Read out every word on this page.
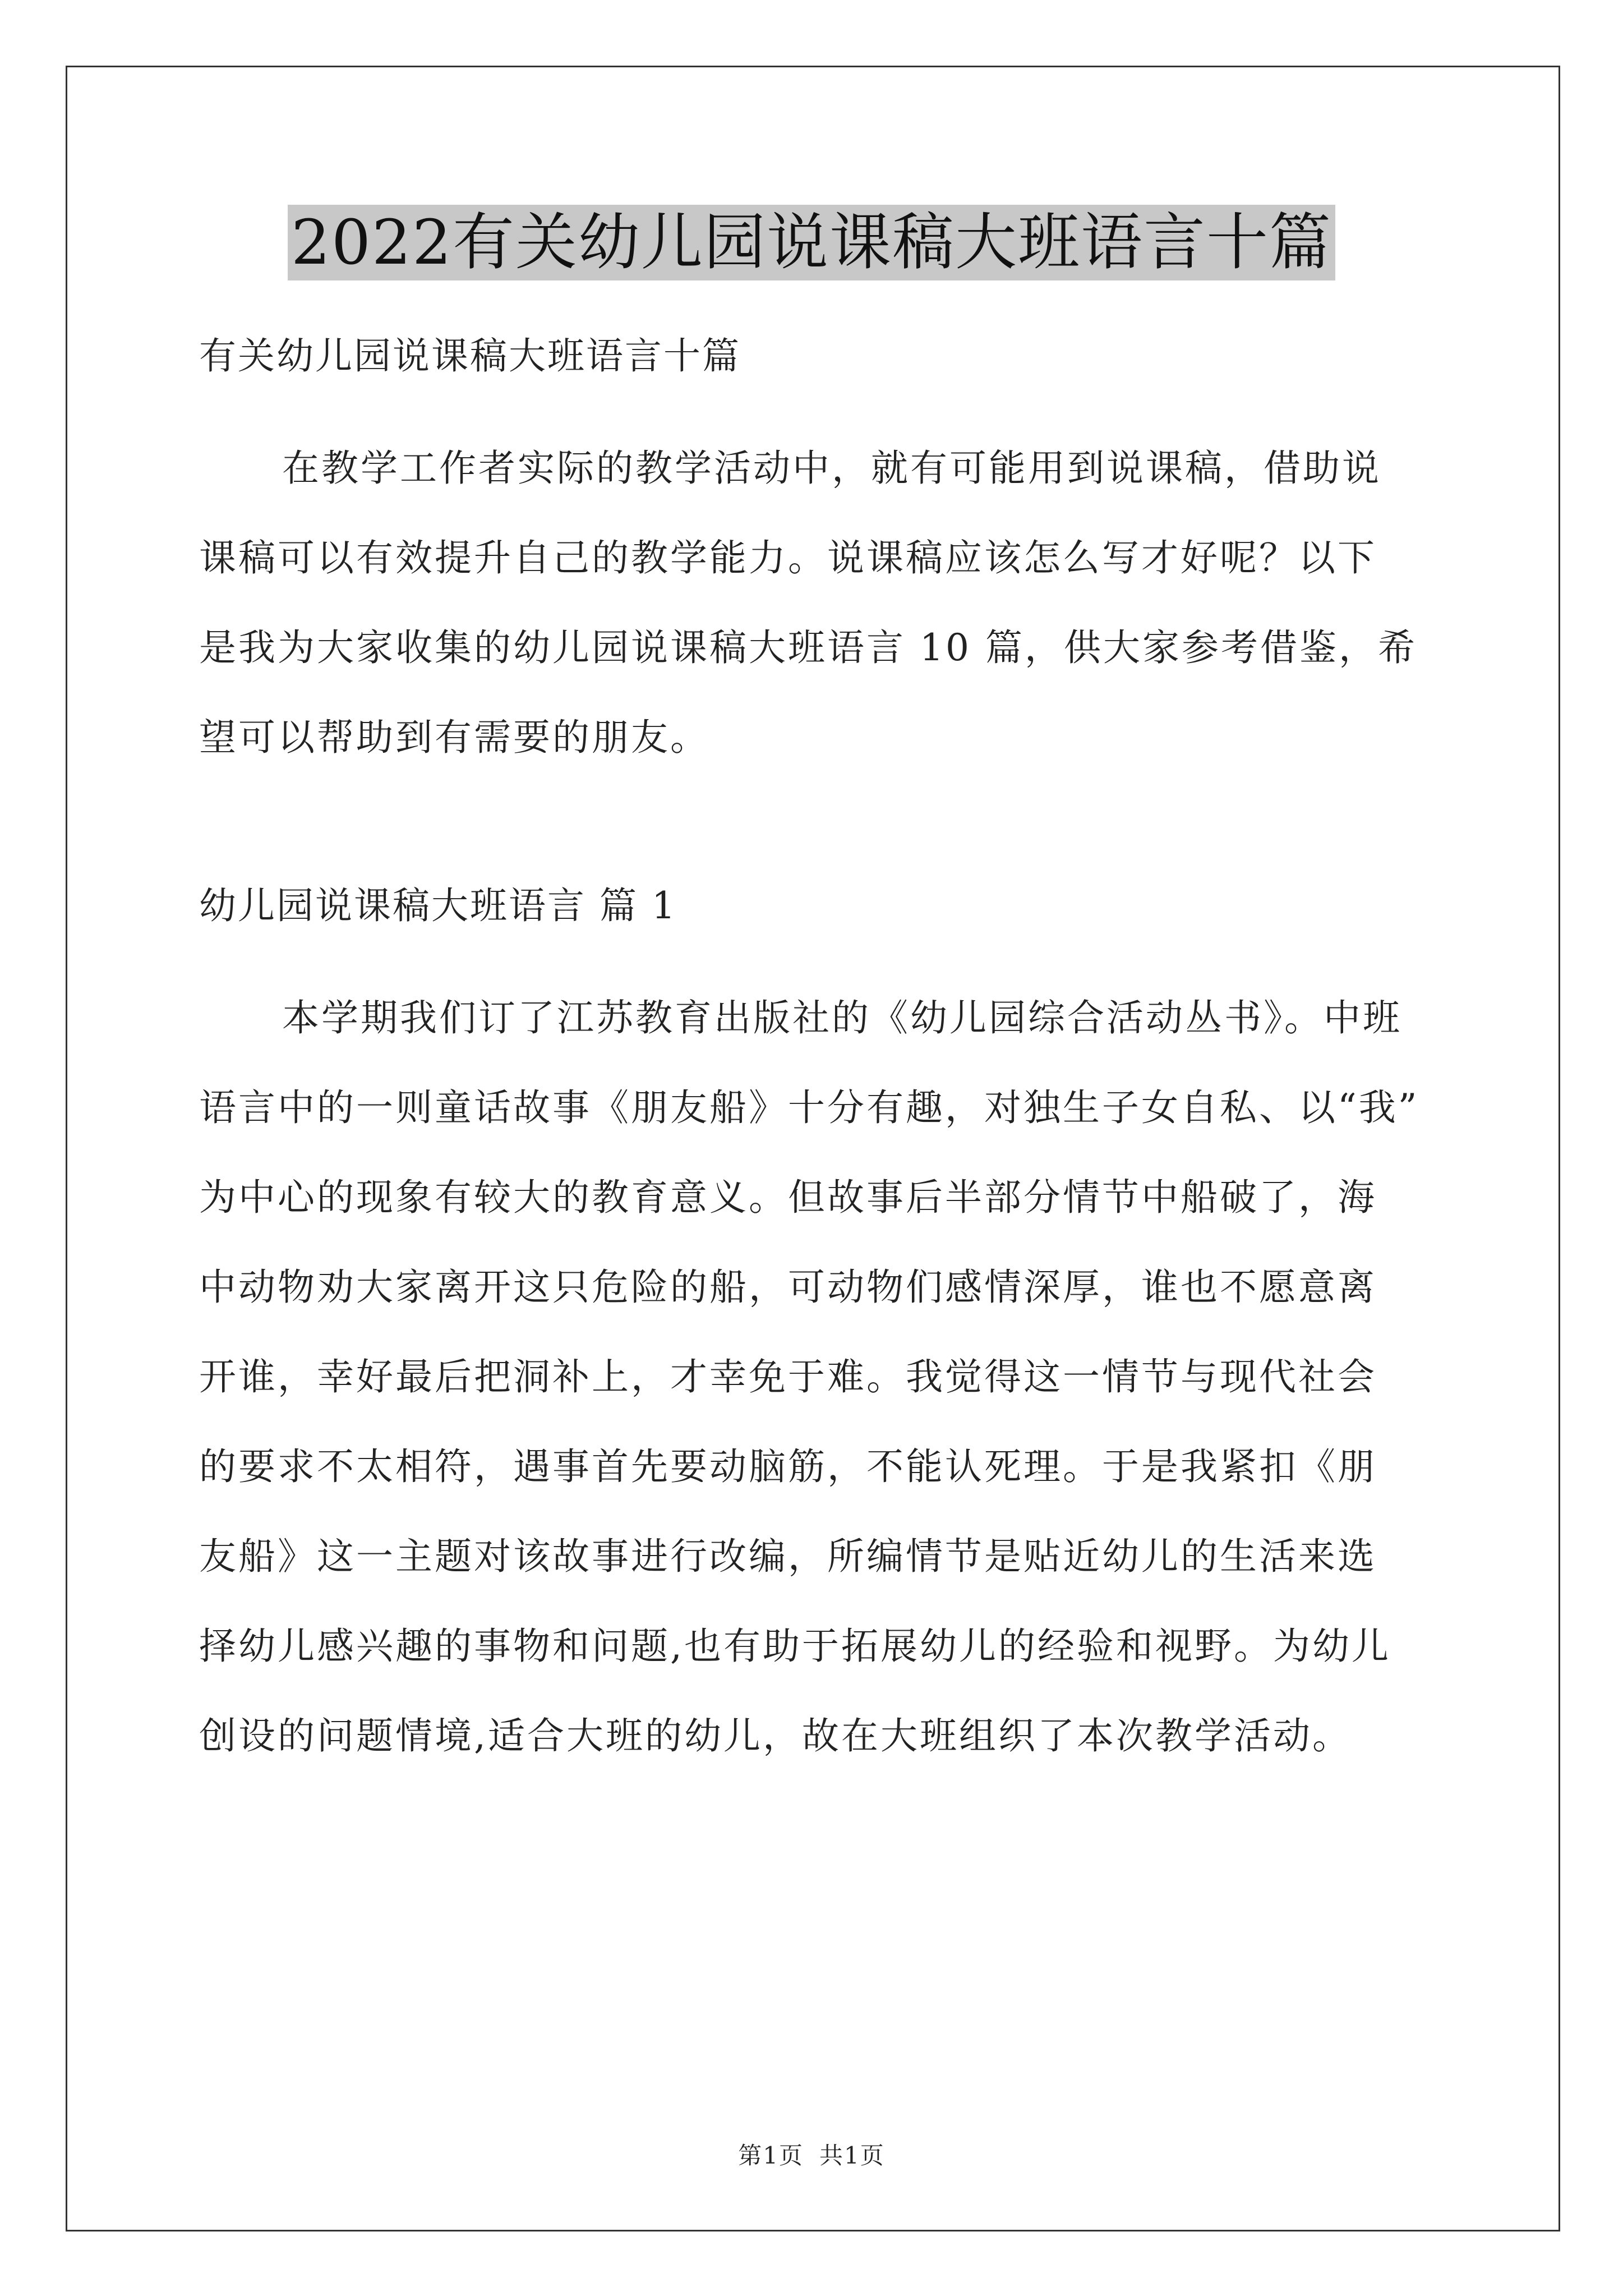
2022有关幼儿园说课稿大班语言十篇
有关幼儿园说课稿大班语言十篇
在教学工作者实际的教学活动中，就有可能用到说课稿，借助说
课稿可以有效提升自己的教学能力。说课稿应该怎么写才好呢？以下
是我为大家收集的幼儿园说课稿大班语言 10 篇，供大家参考借鉴，希
望可以帮助到有需要的朋友。
幼儿园说课稿大班语言 篇 1
本学期我们订了江苏教育出版社的《幼儿园综合活动丛书》。中班
语言中的一则童话故事《朋友船》十分有趣，对独生子女自私、以“我”
为中心的现象有较大的教育意义。但故事后半部分情节中船破了，海
中动物劝大家离开这只危险的船，可动物们感情深厚，谁也不愿意离
开谁，幸好最后把洞补上，才幸免于难。我觉得这一情节与现代社会
的要求不太相符，遇事首先要动脑筋，不能认死理。于是我紧扣《朋
友船》这一主题对该故事进行改编，所编情节是贴近幼儿的生活来选
择幼儿感兴趣的事物和问题,也有助于拓展幼儿的经验和视野。为幼儿
创设的问题情境,适合大班的幼儿，故在大班组织了本次教学活动。
第1页 共1页
